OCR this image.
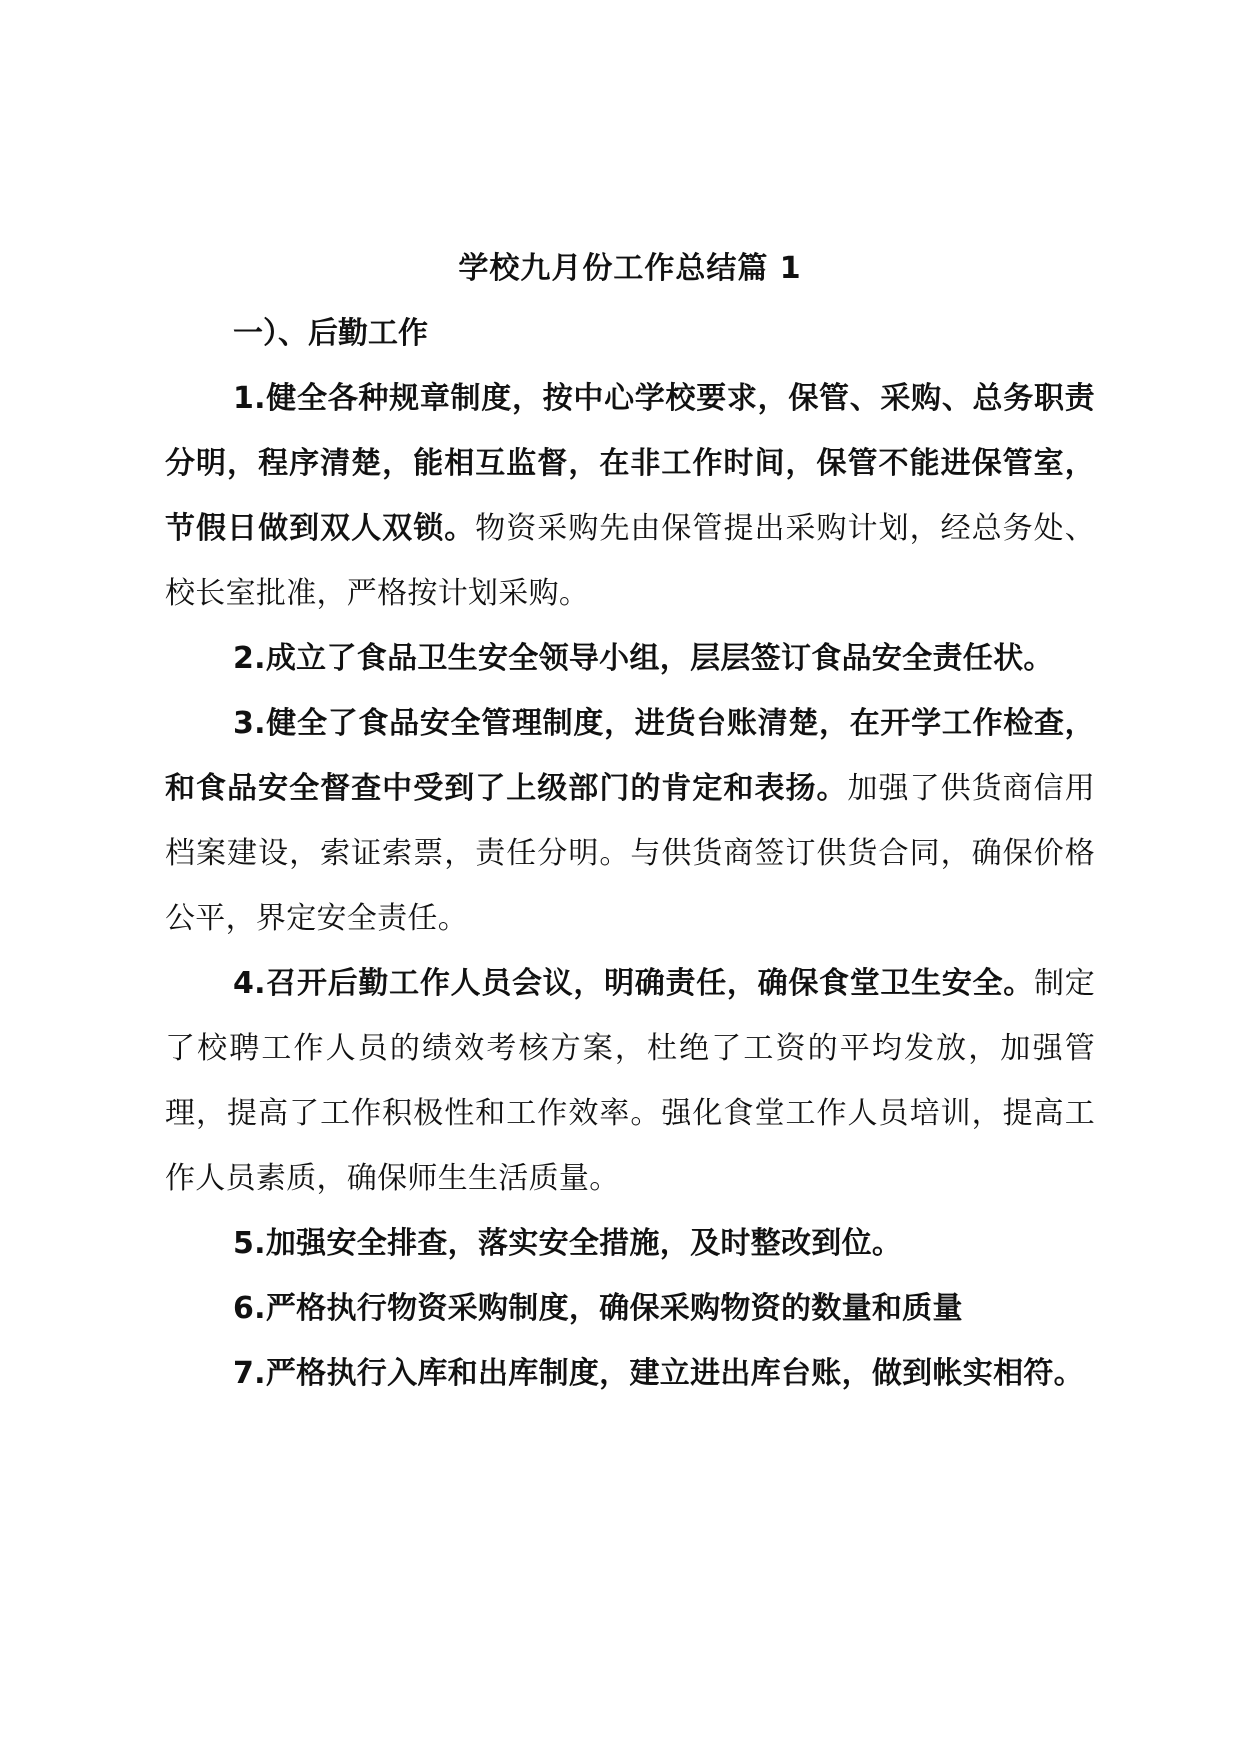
学校九月份工作总结篇 1

一）、后勤工作

1.健全各种规章制度，按中心学校要求，保管、采购、总务职责分明，程序清楚，能相互监督，在非工作时间，保管不能进保管室，节假日做到双人双锁。物资采购先由保管提出采购计划，经总务处、校长室批准，严格按计划采购。

2.成立了食品卫生安全领导小组，层层签订食品安全责任状。

3.健全了食品安全管理制度，进货台账清楚，在开学工作检查，和食品安全督查中受到了上级部门的肯定和表扬。加强了供货商信用档案建设，索证索票，责任分明。与供货商签订供货合同，确保价格公平，界定安全责任。

4.召开后勤工作人员会议，明确责任，确保食堂卫生安全。制定了校聘工作人员的绩效考核方案，杜绝了工资的平均发放，加强管理，提高了工作积极性和工作效率。强化食堂工作人员培训，提高工作人员素质，确保师生生活质量。

5.加强安全排查，落实安全措施，及时整改到位。

6.严格执行物资采购制度，确保采购物资的数量和质量

7.严格执行入库和出库制度，建立进出库台账，做到帐实相符。
